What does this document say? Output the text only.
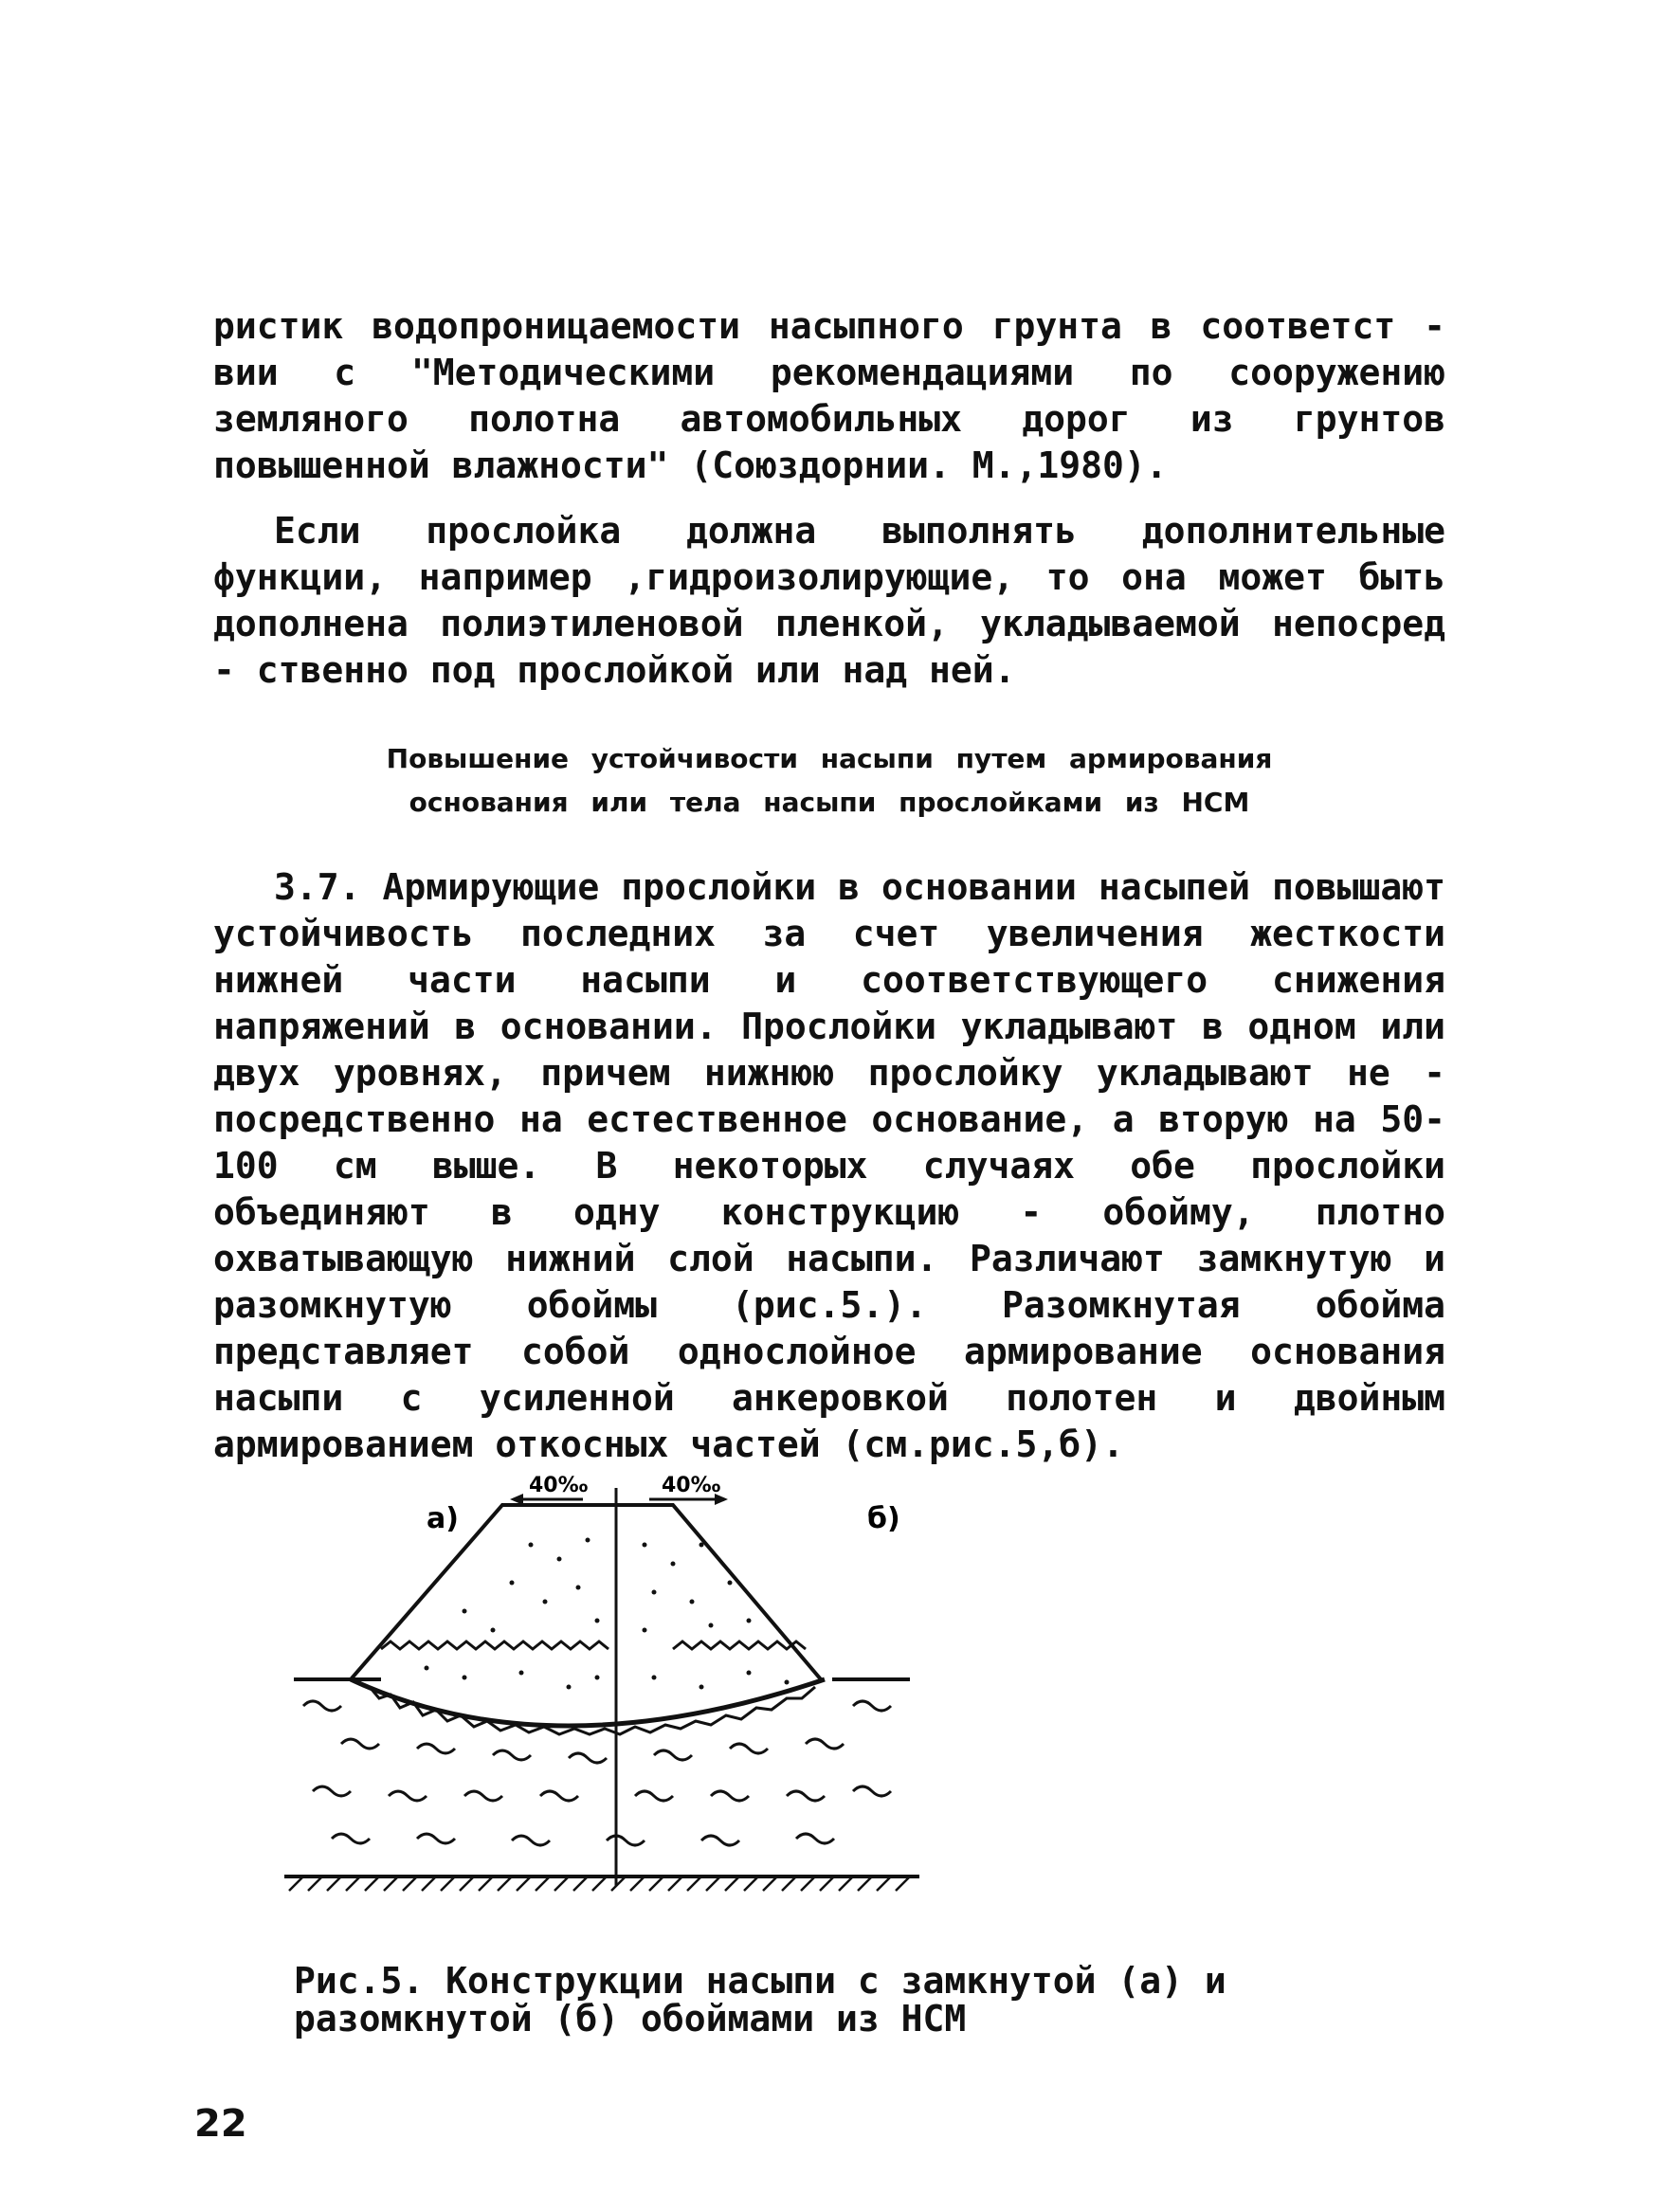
ристик водопроницаемости насыпного грунта в соответст - вии с "Методическими рекомендациями по сооружению земляного полотна автомобильных дорог из грунтов повышенной влажности" (Союздорнии. М.,1980).

Если прослойка должна выполнять дополнительные функции, например ,гидроизолирующие, то она может быть дополнена полиэтиленовой пленкой, укладываемой непосред - ственно под прослойкой или над ней.

Повышение устойчивости насыпи путем армирования
основания или тела насыпи прослойками из НСМ

3.7. Армирующие прослойки в основании насыпей повышают устойчивость последних за счет увеличения жесткости нижней части насыпи и соответствующего снижения напряжений в основании. Прослойки укладывают в одном или двух уровнях, причем нижнюю прослойку укладывают не - посредственно на естественное основание, а вторую на 50-100 см выше. В некоторых случаях обе прослойки объединяют в одну конструкцию - обойму, плотно охватывающую нижний слой насыпи. Различают замкнутую и разомкнутую обоймы (рис.5.). Разомкнутая обойма представляет собой однослойное армирование основания насыпи с усиленной анкеровкой полотен и двойным армированием откосных частей (см.рис.5,б).

40‰	40‰
а)	б)
Рис.5. Конструкции насыпи с замкнутой (а) и
разомкнутой (б) обоймами из НСМ
22
